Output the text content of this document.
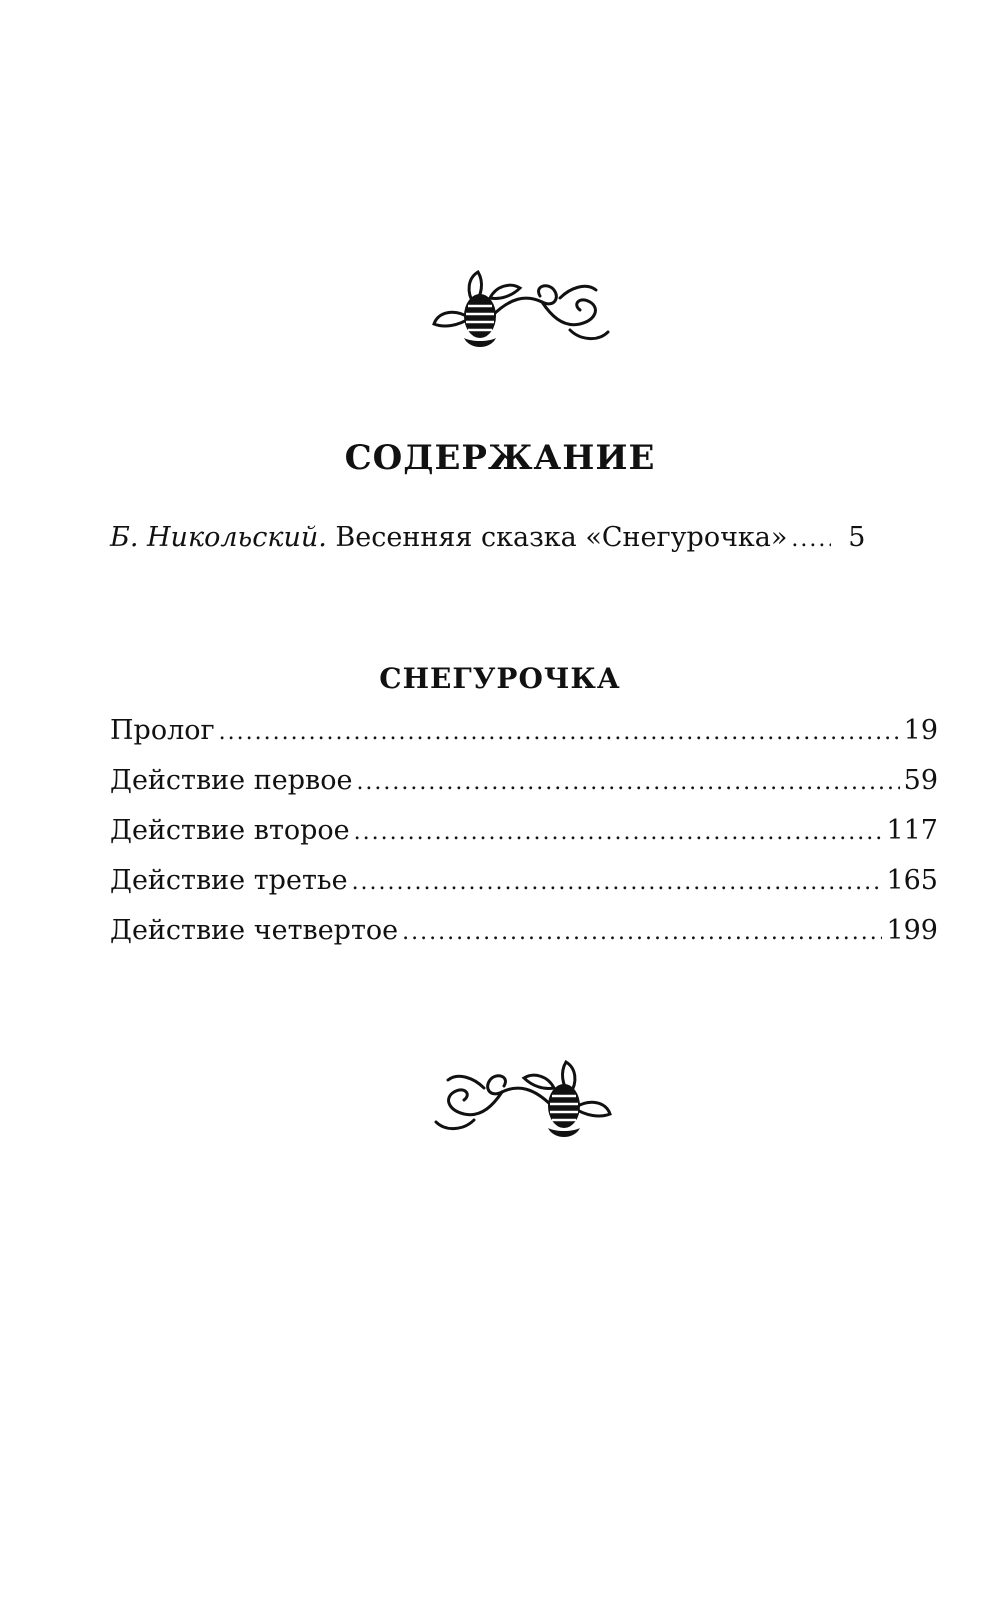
СОДЕРЖАНИЕ
Б. Никольский. Весенняя сказка «Снегурочка» .....	5
СНЕГУРОЧКА
Пролог .....	19
Действие первое .....	59
Действие второе .....	117
Действие третье .....	165
Действие четвертое .....	199
